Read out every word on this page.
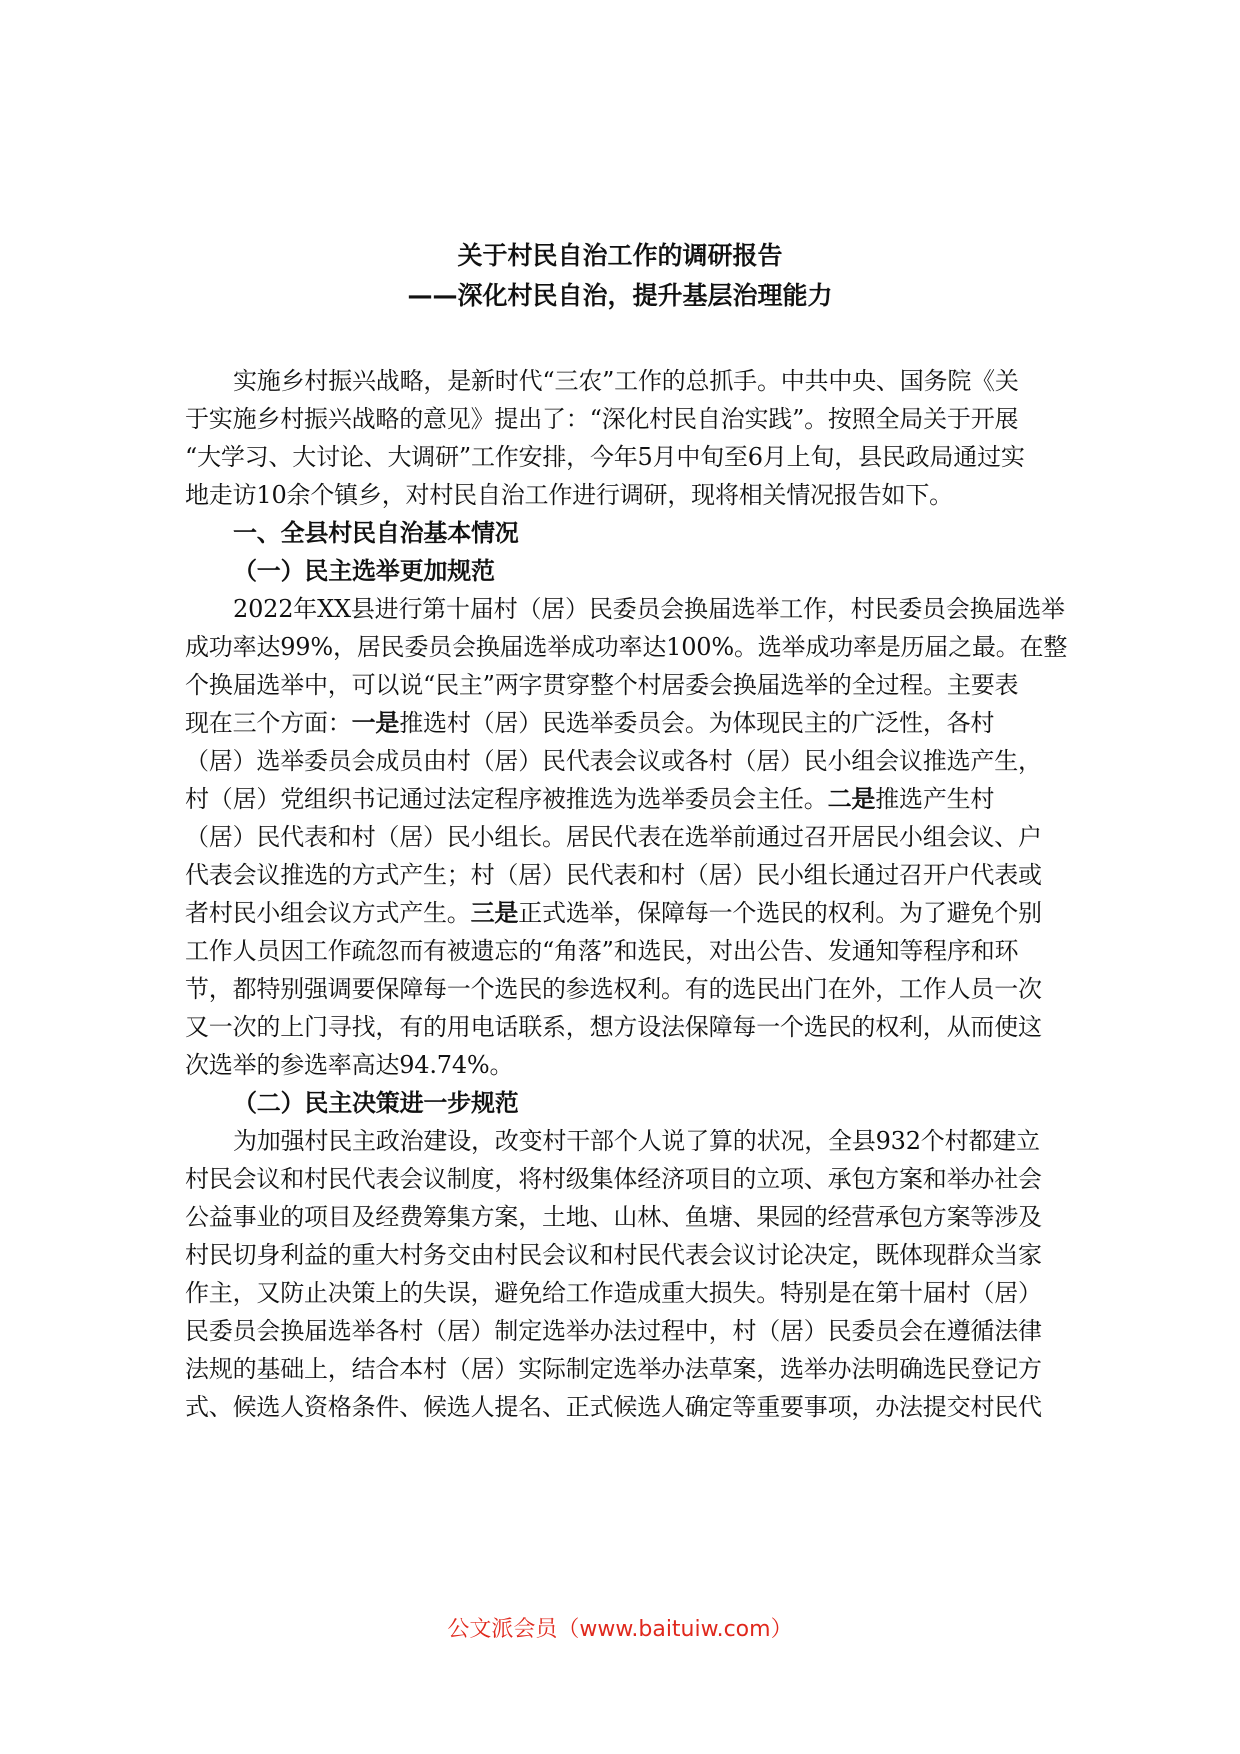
关于村民自治工作的调研报告
——深化村民自治，提升基层治理能力
实施乡村振兴战略，是新时代“三农”工作的总抓手。中共中央、国务院《关
于实施乡村振兴战略的意见》提出了：“深化村民自治实践”。按照全局关于开展
“大学习、大讨论、大调研”工作安排，今年5月中旬至6月上旬，县民政局通过实
地走访10余个镇乡，对村民自治工作进行调研，现将相关情况报告如下。
一、全县村民自治基本情况
（一）民主选举更加规范
2022年XX县进行第十届村（居）民委员会换届选举工作，村民委员会换届选举
成功率达99%，居民委员会换届选举成功率达100%。选举成功率是历届之最。在整
个换届选举中，可以说“民主”两字贯穿整个村居委会换届选举的全过程。主要表
现在三个方面：一是推选村（居）民选举委员会。为体现民主的广泛性，各村
（居）选举委员会成员由村（居）民代表会议或各村（居）民小组会议推选产生，
村（居）党组织书记通过法定程序被推选为选举委员会主任。二是推选产生村
（居）民代表和村（居）民小组长。居民代表在选举前通过召开居民小组会议、户
代表会议推选的方式产生；村（居）民代表和村（居）民小组长通过召开户代表或
者村民小组会议方式产生。三是正式选举，保障每一个选民的权利。为了避免个别
工作人员因工作疏忽而有被遗忘的“角落”和选民，对出公告、发通知等程序和环
节，都特别强调要保障每一个选民的参选权利。有的选民出门在外，工作人员一次
又一次的上门寻找，有的用电话联系，想方设法保障每一个选民的权利，从而使这
次选举的参选率高达94.74%。
（二）民主决策进一步规范
为加强村民主政治建设，改变村干部个人说了算的状况，全县932个村都建立
村民会议和村民代表会议制度，将村级集体经济项目的立项、承包方案和举办社会
公益事业的项目及经费筹集方案，土地、山林、鱼塘、果园的经营承包方案等涉及
村民切身利益的重大村务交由村民会议和村民代表会议讨论决定，既体现群众当家
作主，又防止决策上的失误，避免给工作造成重大损失。特别是在第十届村（居）
民委员会换届选举各村（居）制定选举办法过程中，村（居）民委员会在遵循法律
法规的基础上，结合本村（居）实际制定选举办法草案，选举办法明确选民登记方
式、候选人资格条件、候选人提名、正式候选人确定等重要事项，办法提交村民代
公文派会员（www.baituiw.com）
